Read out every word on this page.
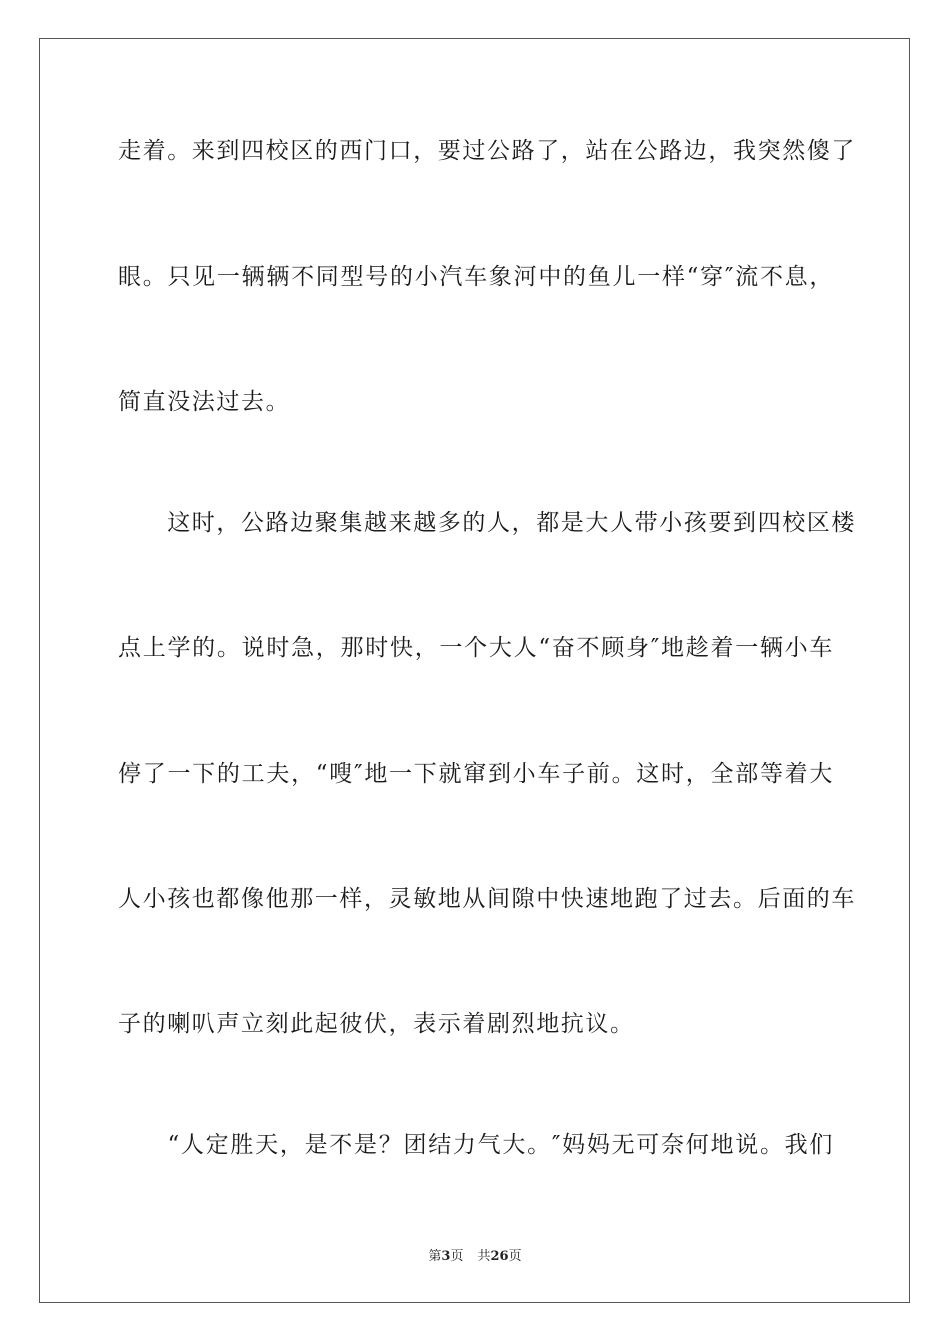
走着。来到四校区的西门口，要过公路了，站在公路边，我突然傻了
眼。只见一辆辆不同型号的小汽车象河中的鱼儿一样“穿″流不息，
简直没法过去。
　　这时，公路边聚集越来越多的人，都是大人带小孩要到四校区楼
点上学的。说时急，那时快，一个大人“奋不顾身″地趁着一辆小车
停了一下的工夫，“嗖″地一下就窜到小车子前。这时，全部等着大
人小孩也都像他那一样，灵敏地从间隙中快速地跑了过去。后面的车
子的喇叭声立刻此起彼伏，表示着剧烈地抗议。
　　“人定胜天，是不是？团结力气大。″妈妈无可奈何地说。我们
第3页 共26页
